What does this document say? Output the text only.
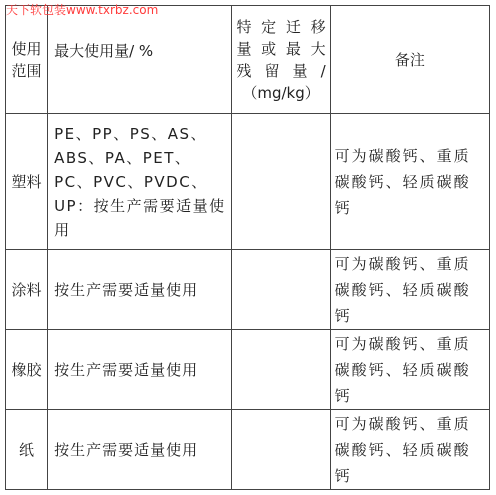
天下软包装www.txrbz.com
使用范围	最大使用量/ %	特定迁移
量或最大
残留量/
（mg/kg）	备注
塑料	PE、PP、PS、AS、ABS、PA、PET、PC、PVC、PVDC、UP：按生产需要适量使用		可为碳酸钙、重质碳酸钙、轻质碳酸钙

涂料	按生产需要适量使用		可为碳酸钙、重质碳酸钙、轻质碳酸钙

橡胶	按生产需要适量使用		可为碳酸钙、重质碳酸钙、轻质碳酸钙

纸	按生产需要适量使用		可为碳酸钙、重质碳酸钙、轻质碳酸钙
